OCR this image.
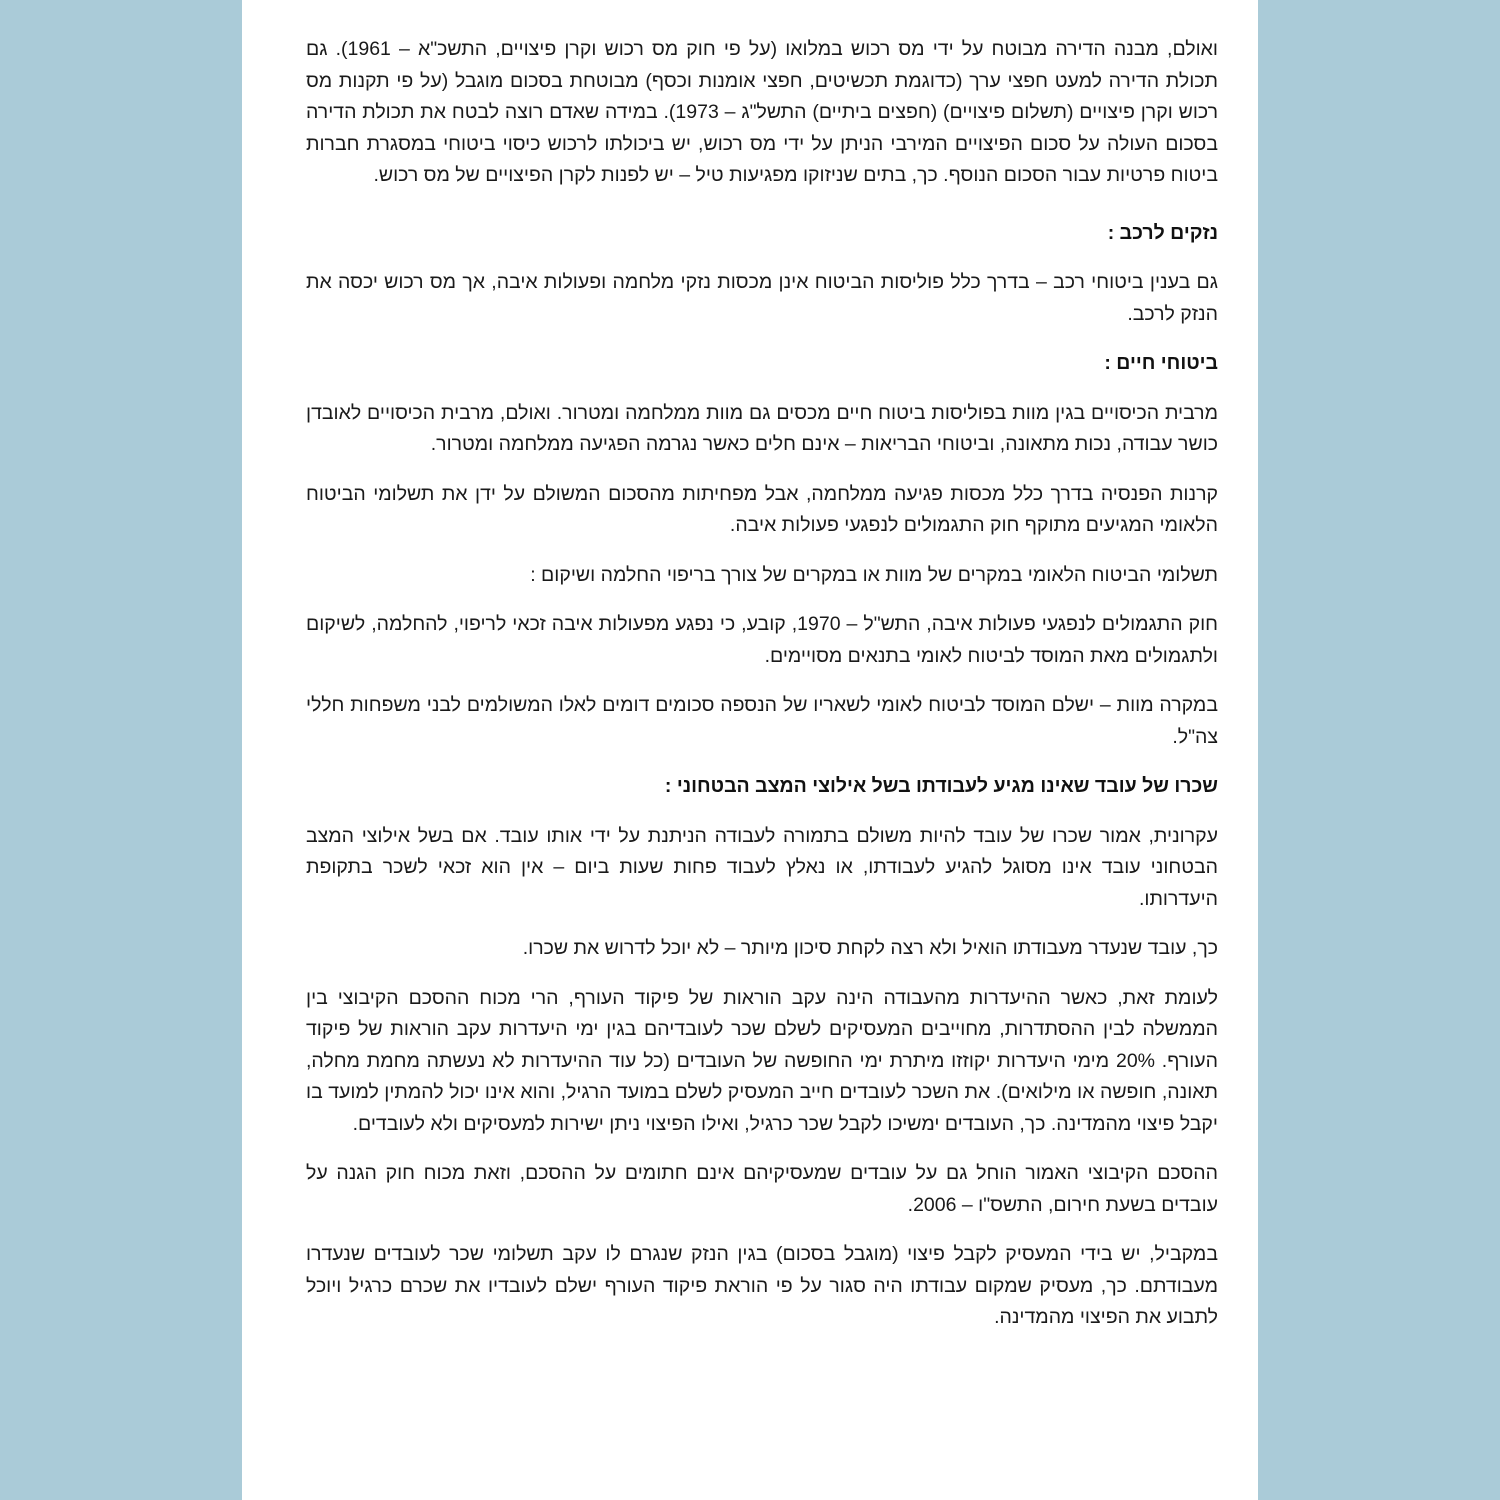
ואולם, מבנה הדירה מבוטח על ידי מס רכוש במלואו (על פי חוק מס רכוש וקרן פיצויים, התשכ"א – 1961). גם תכולת הדירה למעט חפצי ערך (כדוגמת תכשיטים, חפצי אומנות וכסף) מבוטחת בסכום מוגבל (על פי תקנות מס רכוש וקרן פיצויים (תשלום פיצויים) (חפצים ביתיים) התשל"ג – 1973). במידה שאדם רוצה לבטח את תכולת הדירה בסכום העולה על סכום הפיצויים המירבי הניתן על ידי מס רכוש, יש ביכולתו לרכוש כיסוי ביטוחי במסגרת חברות ביטוח פרטיות עבור הסכום הנוסף. כך, בתים שניזוקו מפגיעות טיל – יש לפנות לקרן הפיצויים של מס רכוש.

נזקים לרכב :

גם בענין ביטוחי רכב – בדרך כלל פוליסות הביטוח אינן מכסות נזקי מלחמה ופעולות איבה, אך מס רכוש יכסה את הנזק לרכב.

ביטוחי חיים :

מרבית הכיסויים בגין מוות בפוליסות ביטוח חיים מכסים גם מוות ממלחמה ומטרור. ואולם, מרבית הכיסויים לאובדן כושר עבודה, נכות מתאונה, וביטוחי הבריאות – אינם חלים כאשר נגרמה הפגיעה ממלחמה ומטרור.

קרנות הפנסיה בדרך כלל מכסות פגיעה ממלחמה, אבל מפחיתות מהסכום המשולם על ידן את תשלומי הביטוח הלאומי המגיעים מתוקף חוק התגמולים לנפגעי פעולות איבה.

תשלומי הביטוח הלאומי במקרים של מוות או במקרים של צורך בריפוי החלמה ושיקום :

חוק התגמולים לנפגעי פעולות איבה, התש"ל – 1970, קובע, כי נפגע מפעולות איבה זכאי לריפוי, להחלמה, לשיקום ולתגמולים מאת המוסד לביטוח לאומי בתנאים מסויימים.

במקרה מוות – ישלם המוסד לביטוח לאומי לשאריו של הנספה סכומים דומים לאלו המשולמים לבני משפחות חללי צה"ל.

שכרו של עובד שאינו מגיע לעבודתו בשל אילוצי המצב הבטחוני :

עקרונית, אמור שכרו של עובד להיות משולם בתמורה לעבודה הניתנת על ידי אותו עובד. אם בשל אילוצי המצב הבטחוני עובד אינו מסוגל להגיע לעבודתו, או נאלץ לעבוד פחות שעות ביום – אין הוא זכאי לשכר בתקופת היעדרותו.

כך, עובד שנעדר מעבודתו הואיל ולא רצה לקחת סיכון מיותר – לא יוכל לדרוש את שכרו.

לעומת זאת, כאשר ההיעדרות מהעבודה הינה עקב הוראות של פיקוד העורף, הרי מכוח ההסכם הקיבוצי בין הממשלה לבין ההסתדרות, מחוייבים המעסיקים לשלם שכר לעובדיהם בגין ימי היעדרות עקב הוראות של פיקוד העורף. 20% מימי היעדרות יקוזזו מיתרת ימי החופשה של העובדים (כל עוד ההיעדרות לא נעשתה מחמת מחלה, תאונה, חופשה או מילואים). את השכר לעובדים חייב המעסיק לשלם במועד הרגיל, והוא אינו יכול להמתין למועד בו יקבל פיצוי מהמדינה. כך, העובדים ימשיכו לקבל שכר כרגיל, ואילו הפיצוי ניתן ישירות למעסיקים ולא לעובדים.

ההסכם הקיבוצי האמור הוחל גם על עובדים שמעסיקיהם אינם חתומים על ההסכם, וזאת מכוח חוק הגנה על עובדים בשעת חירום, התשס"ו – 2006.

במקביל, יש בידי המעסיק לקבל פיצוי (מוגבל בסכום) בגין הנזק שנגרם לו עקב תשלומי שכר לעובדים שנעדרו מעבודתם. כך, מעסיק שמקום עבודתו היה סגור על פי הוראת פיקוד העורף ישלם לעובדיו את שכרם כרגיל ויוכל לתבוע את הפיצוי מהמדינה.
